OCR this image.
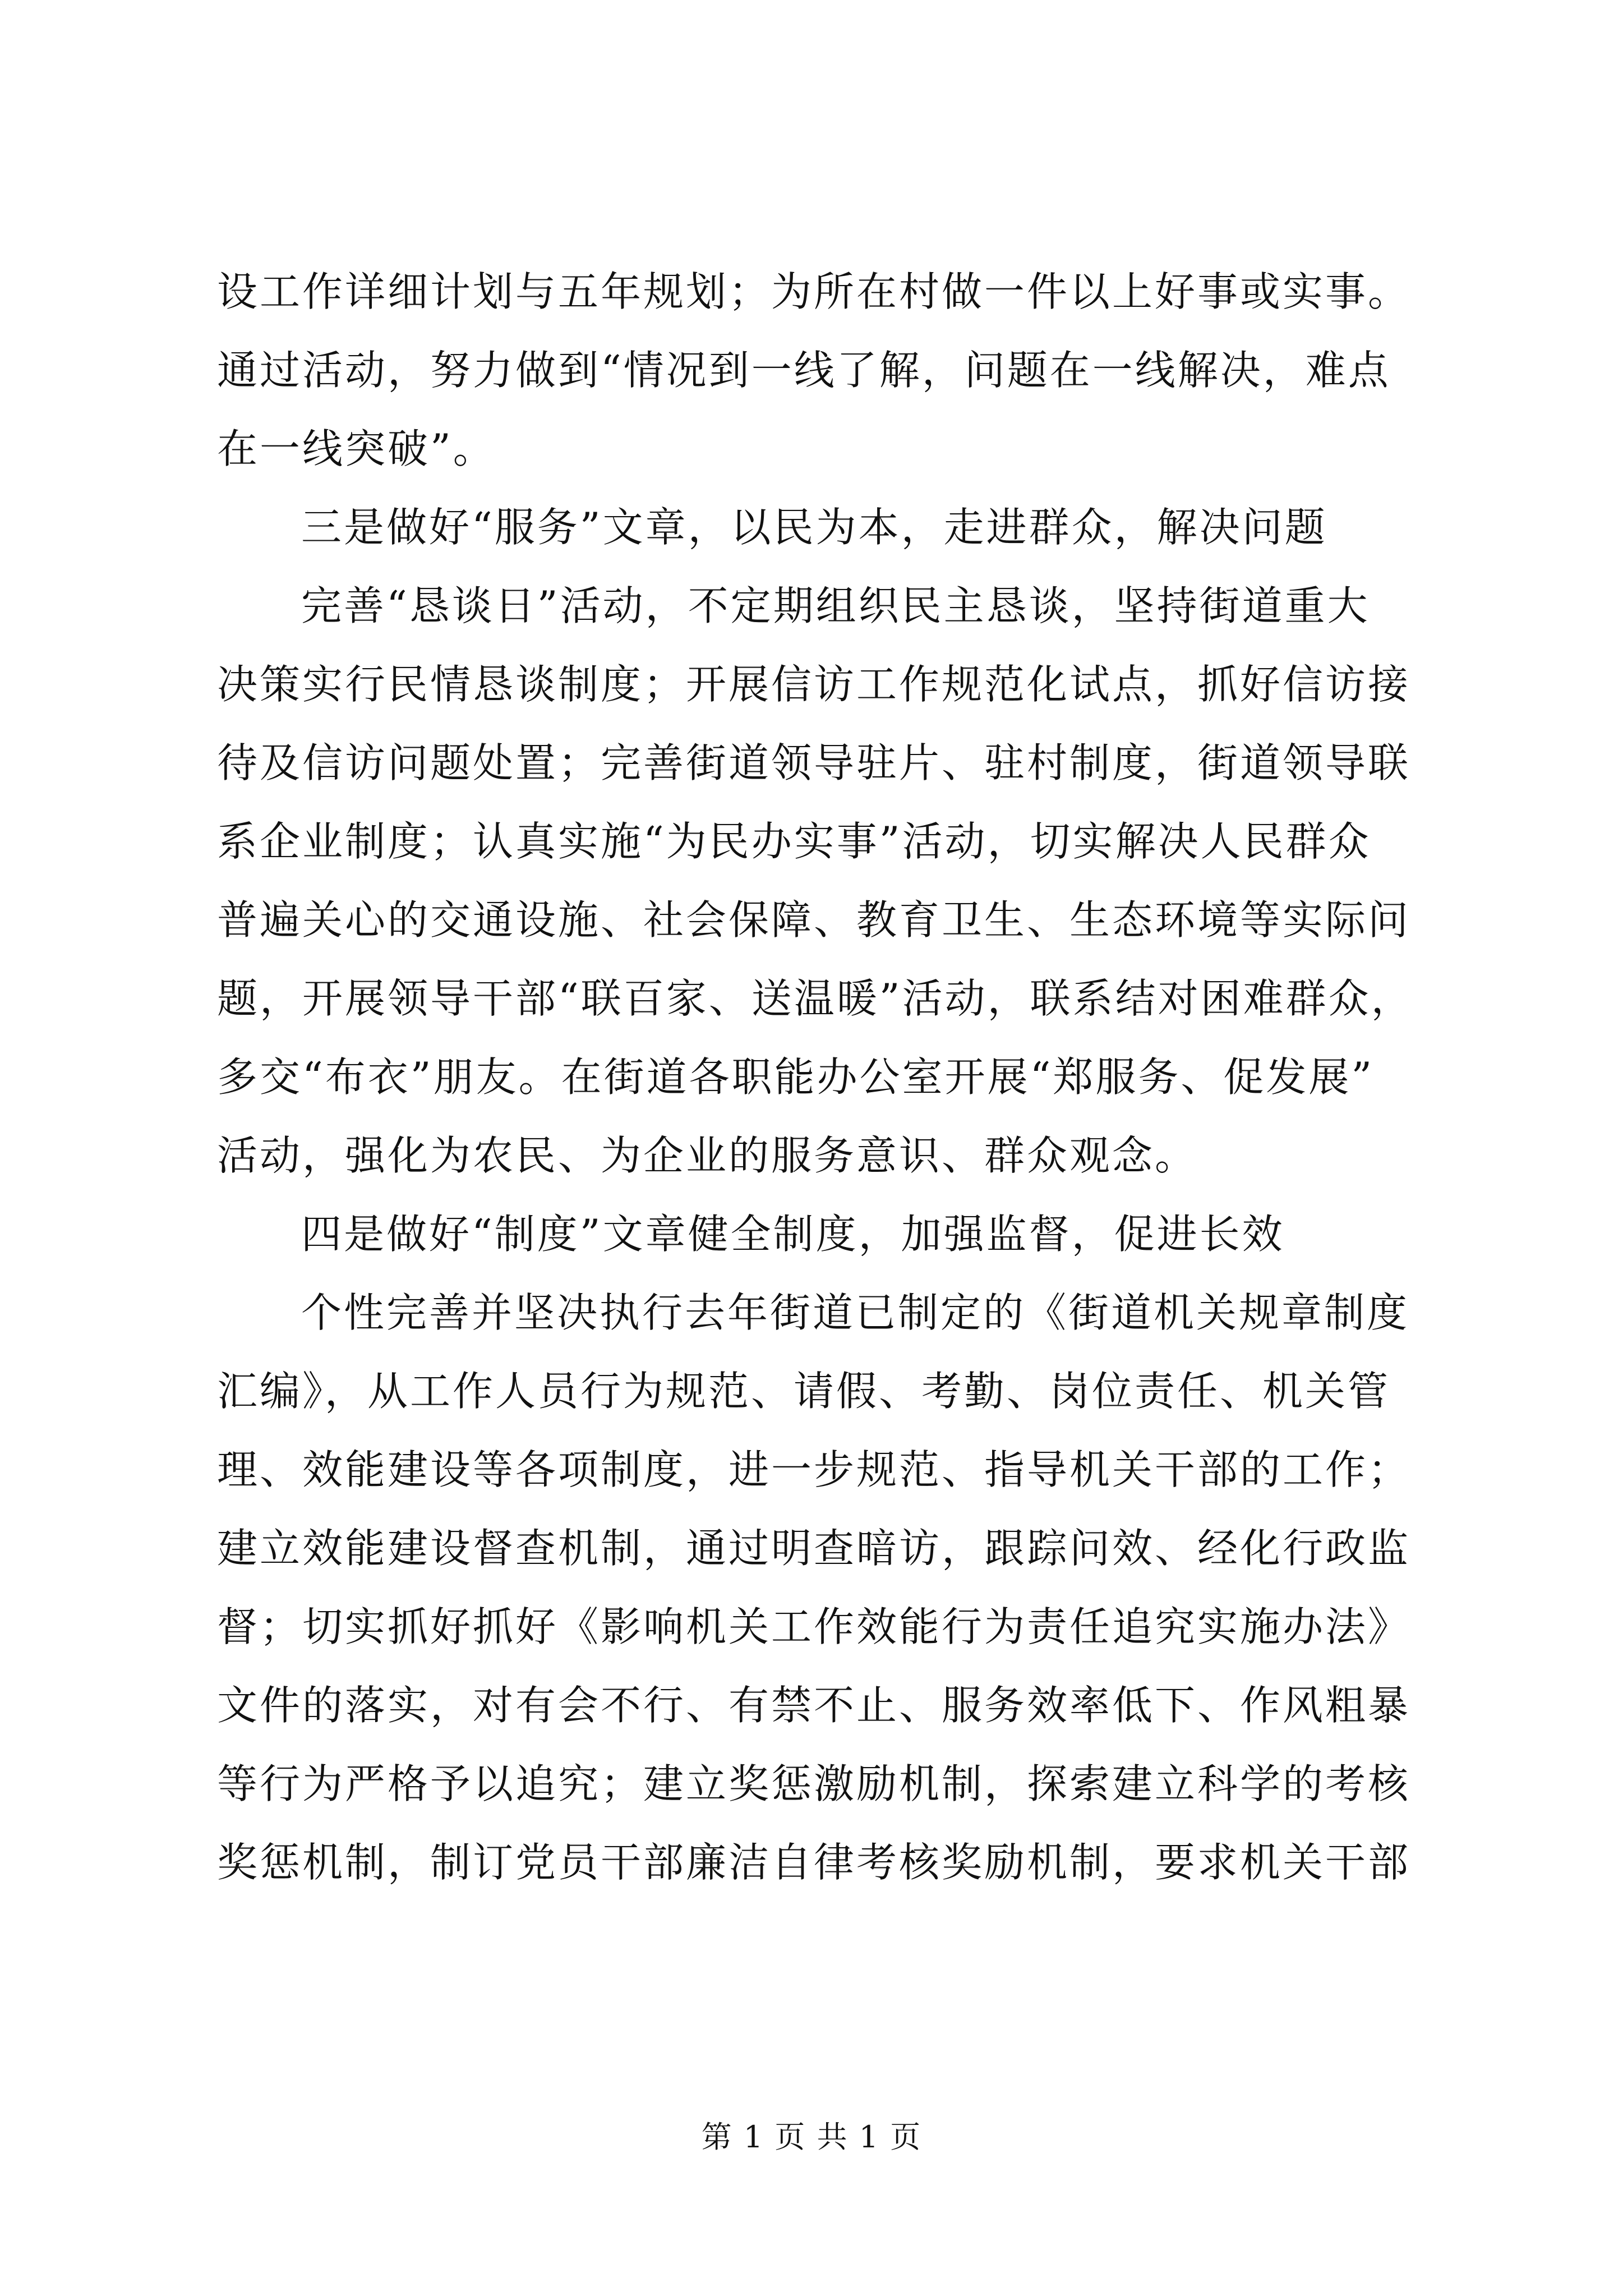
设工作详细计划与五年规划；为所在村做一件以上好事或实事。
通过活动，努力做到“情况到一线了解，问题在一线解决，难点
在一线突破”。
三是做好“服务”文章，以民为本，走进群众，解决问题
完善“恳谈日”活动，不定期组织民主恳谈，坚持街道重大
决策实行民情恳谈制度；开展信访工作规范化试点，抓好信访接
待及信访问题处置；完善街道领导驻片、驻村制度，街道领导联
系企业制度；认真实施“为民办实事”活动，切实解决人民群众
普遍关心的交通设施、社会保障、教育卫生、生态环境等实际问
题，开展领导干部“联百家、送温暖”活动，联系结对困难群众，
多交“布衣”朋友。在街道各职能办公室开展“郑服务、促发展”
活动，强化为农民、为企业的服务意识、群众观念。
四是做好“制度”文章健全制度，加强监督，促进长效
个性完善并坚决执行去年街道已制定的《街道机关规章制度
汇编》，从工作人员行为规范、请假、考勤、岗位责任、机关管
理、效能建设等各项制度，进一步规范、指导机关干部的工作；
建立效能建设督查机制，通过明查暗访，跟踪问效、经化行政监
督；切实抓好抓好《影响机关工作效能行为责任追究实施办法》
文件的落实，对有会不行、有禁不止、服务效率低下、作风粗暴
等行为严格予以追究；建立奖惩激励机制，探索建立科学的考核
奖惩机制，制订党员干部廉洁自律考核奖励机制，要求机关干部
第 1 页 共 1 页
